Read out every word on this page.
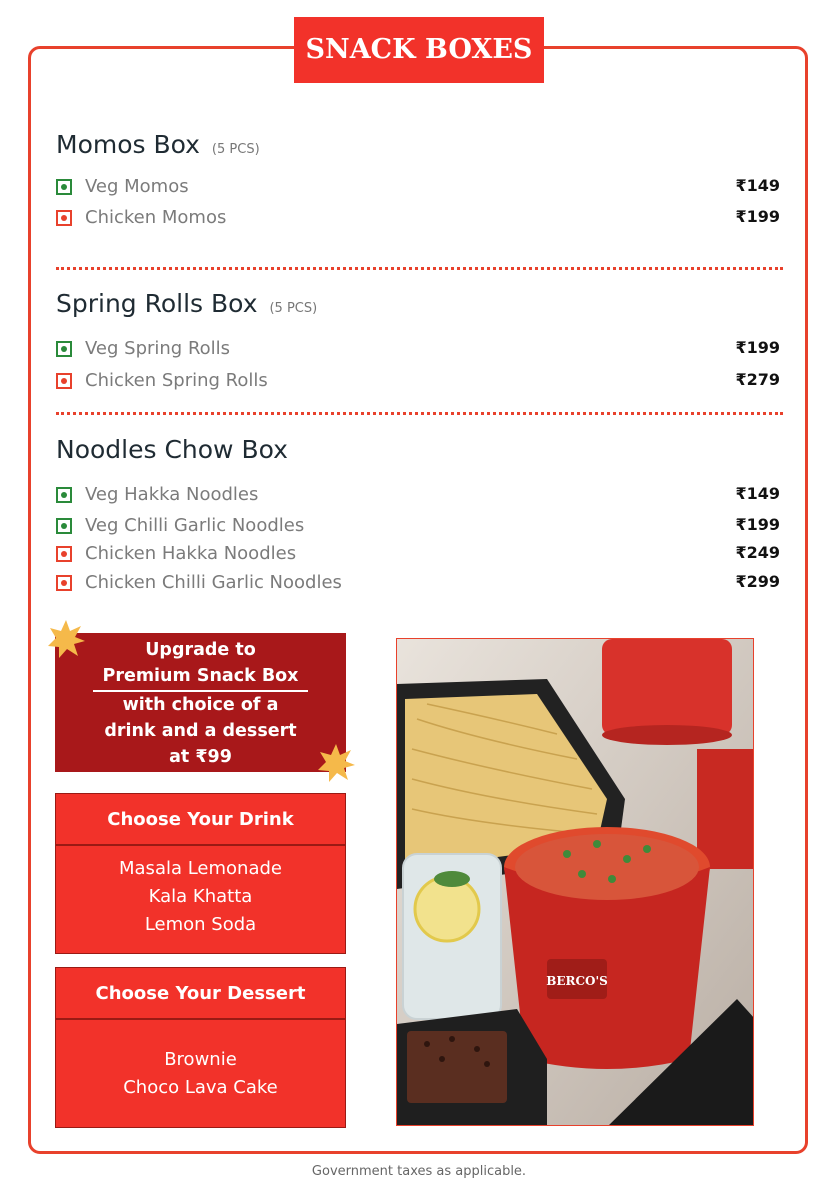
SNACK BOXES
Momos Box (5 PCS)
Veg Momos	₹149
Chicken Momos	₹199
Spring Rolls Box (5 PCS)
Veg Spring Rolls	₹199
Chicken Spring Rolls	₹279
Noodles Chow Box
Veg Hakka Noodles	₹149
Veg Chilli Garlic Noodles	₹199
Chicken Hakka Noodles	₹249
Chicken Chilli Garlic Noodles	₹299
Upgrade to
Premium Snack Box
with choice of a
drink and a dessert
at ₹99
Choose Your Drink
Masala Lemonade
Kala Khatta
Lemon Soda
Choose Your Dessert
Brownie
Choco Lava Cake
BERCO'S
Government taxes as applicable.
